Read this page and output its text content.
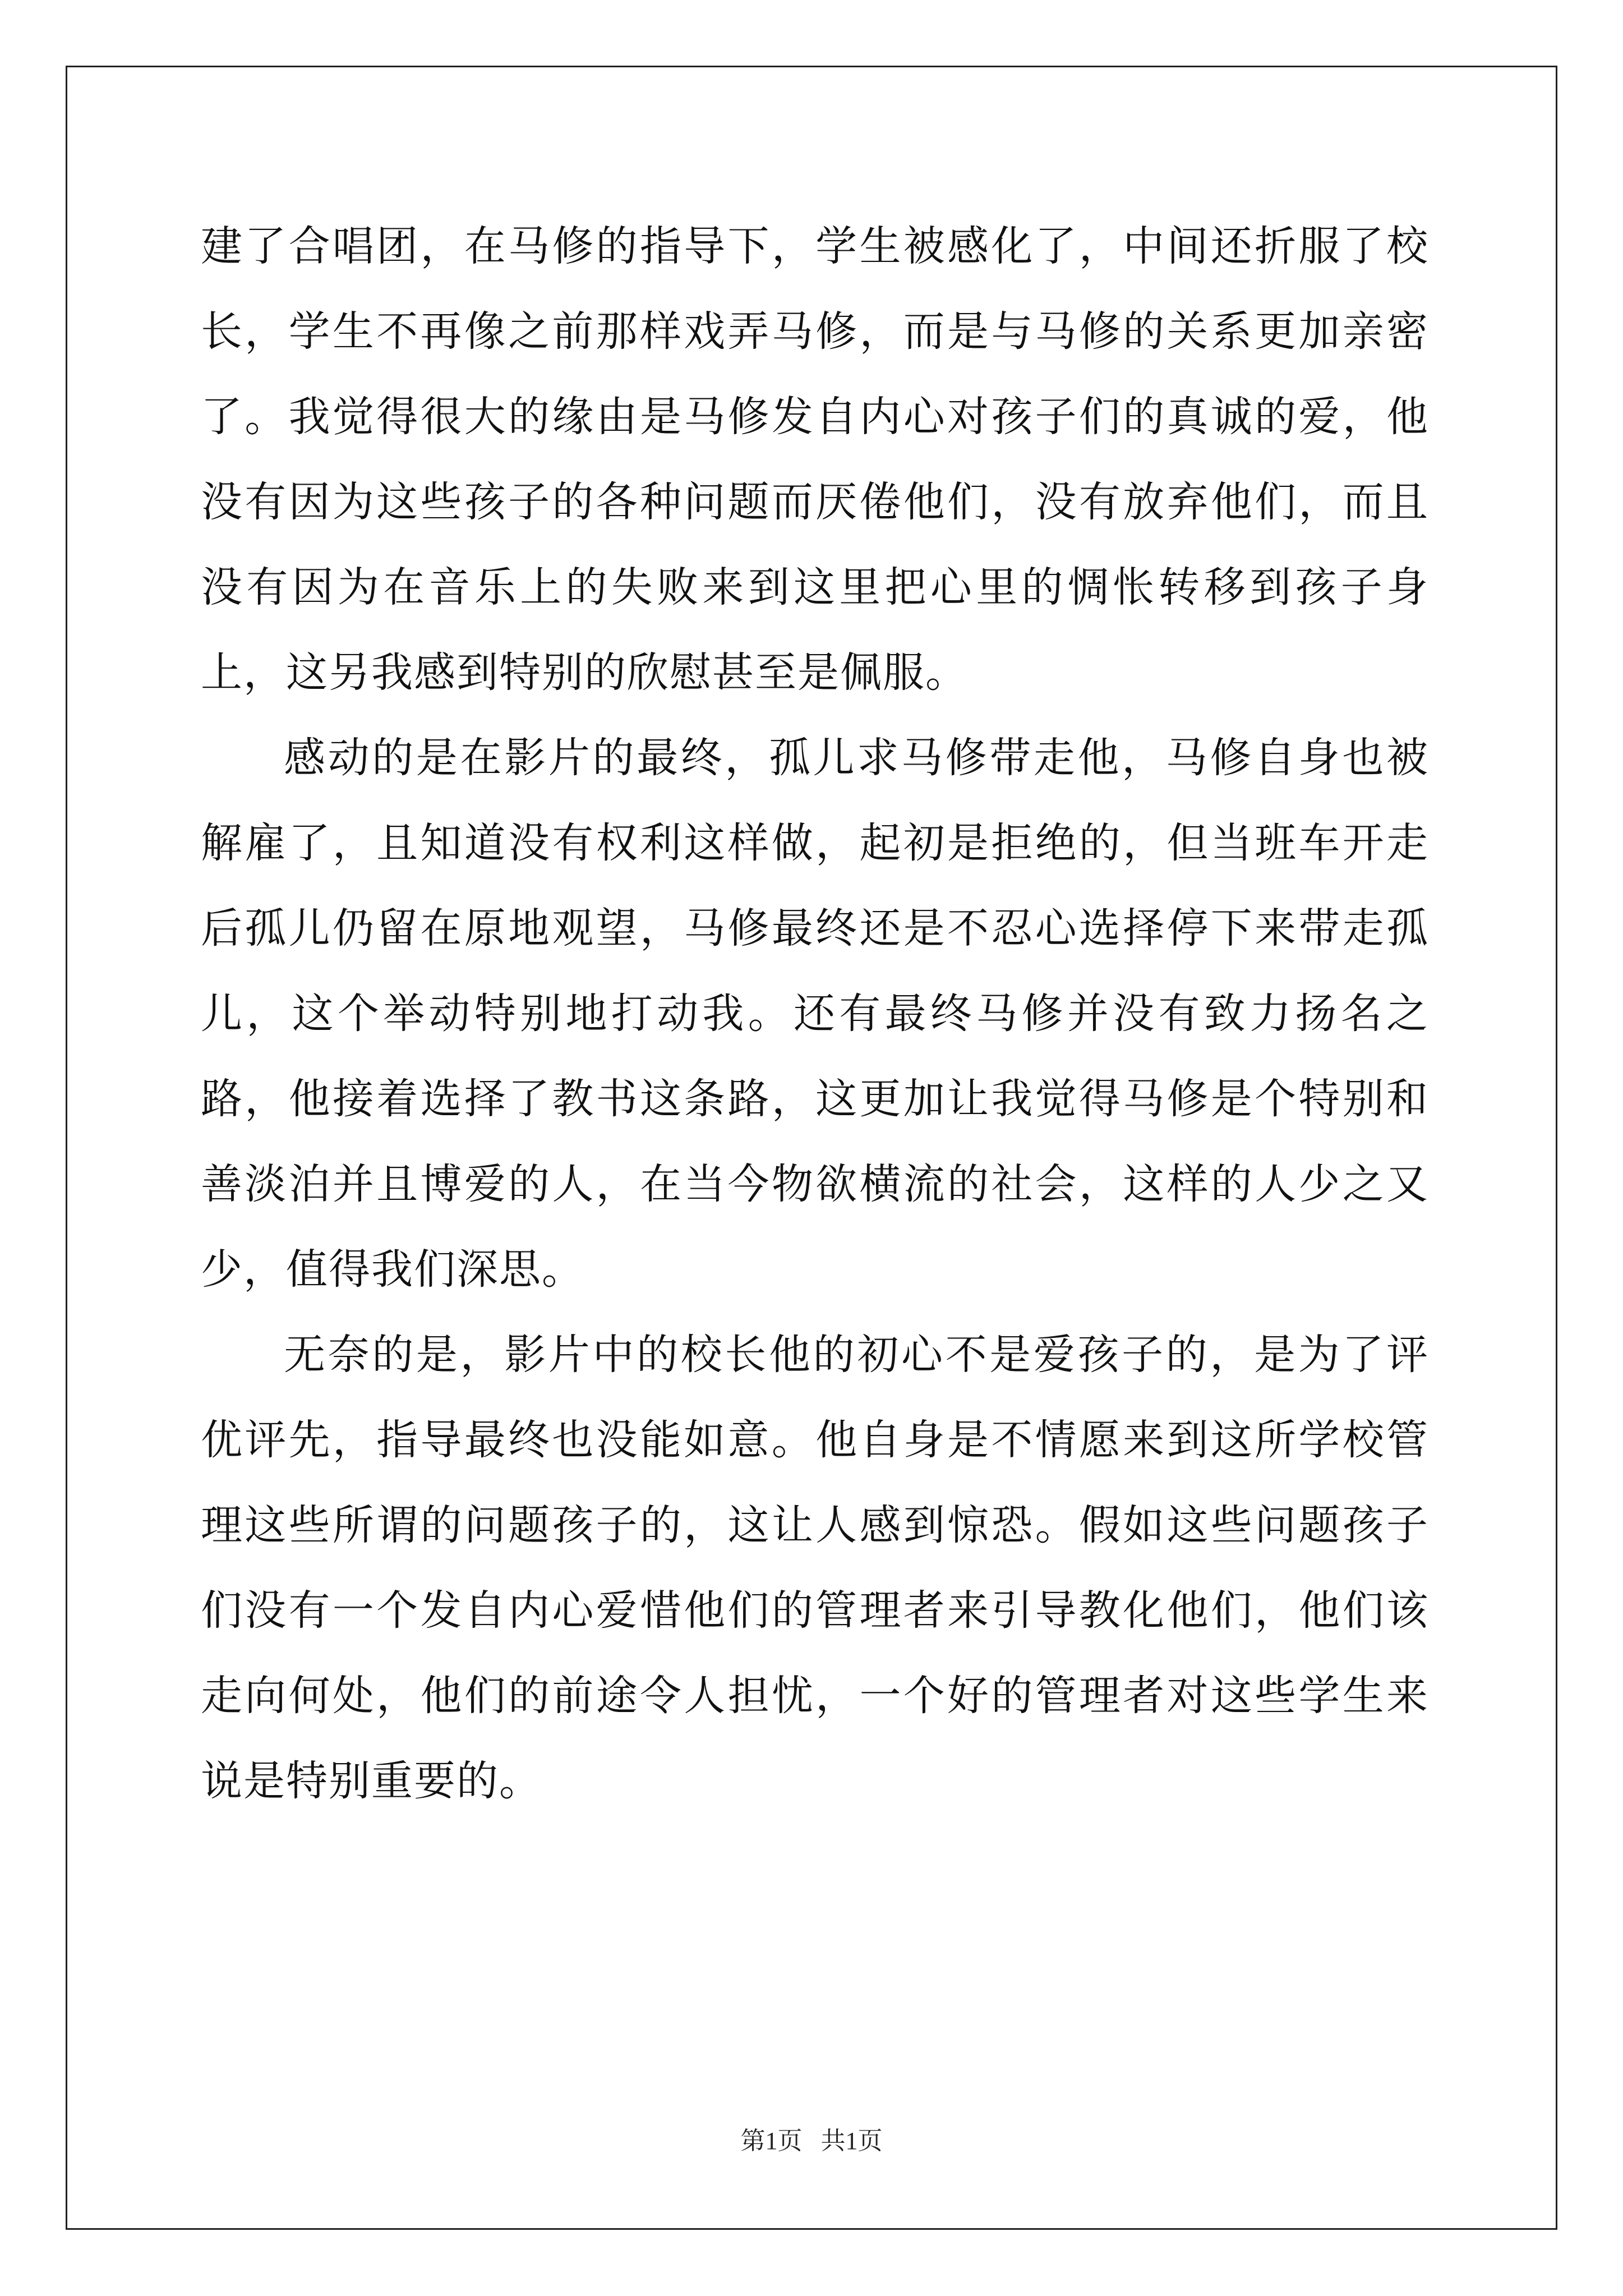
建了合唱团，在马修的指导下，学生被感化了，中间还折服了校长，学生不再像之前那样戏弄马修，而是与马修的关系更加亲密了。我觉得很大的缘由是马修发自内心对孩子们的真诚的爱，他没有因为这些孩子的各种问题而厌倦他们，没有放弃他们，而且没有因为在音乐上的失败来到这里把心里的惆怅转移到孩子身上，这另我感到特别的欣慰甚至是佩服。

感动的是在影片的最终，孤儿求马修带走他，马修自身也被解雇了，且知道没有权利这样做，起初是拒绝的，但当班车开走后孤儿仍留在原地观望，马修最终还是不忍心选择停下来带走孤儿，这个举动特别地打动我。还有最终马修并没有致力扬名之路，他接着选择了教书这条路，这更加让我觉得马修是个特别和善淡泊并且博爱的人，在当今物欲横流的社会，这样的人少之又少，值得我们深思。

无奈的是，影片中的校长他的初心不是爱孩子的，是为了评优评先，指导最终也没能如意。他自身是不情愿来到这所学校管理这些所谓的问题孩子的，这让人感到惊恐。假如这些问题孩子们没有一个发自内心爱惜他们的管理者来引导教化他们，他们该走向何处，他们的前途令人担忧，一个好的管理者对这些学生来说是特别重要的。

第1页   共1页
